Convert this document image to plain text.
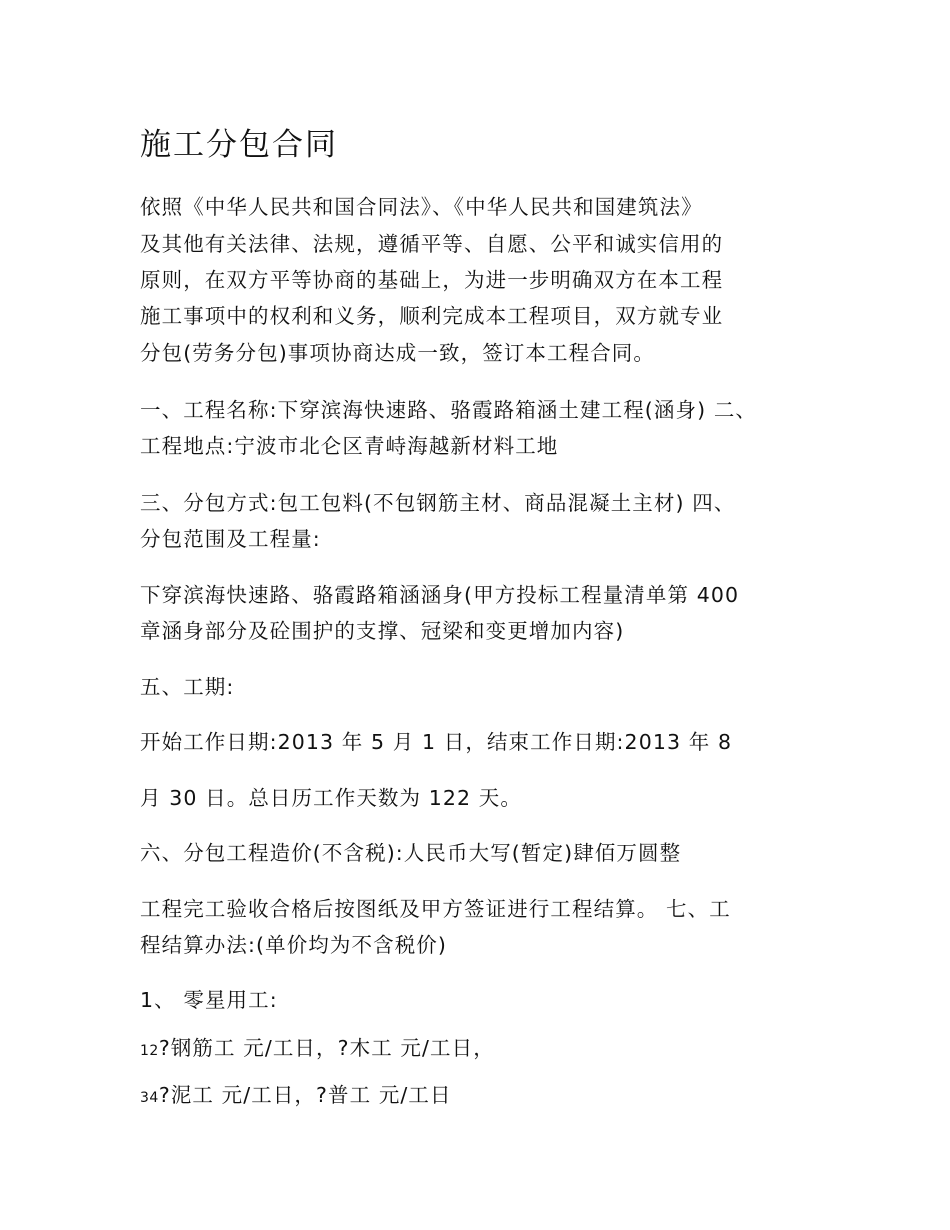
施工分包合同

依照《中华人民共和国合同法》、《中华人民共和国建筑法》

及其他有关法律、法规，遵循平等、自愿、公平和诚实信用的

原则，在双方平等协商的基础上，为进一步明确双方在本工程

施工事项中的权利和义务，顺利完成本工程项目，双方就专业

分包(劳务分包)事项协商达成一致，签订本工程合同。

一、工程名称:下穿滨海快速路、骆霞路箱涵土建工程(涵身) 二、

工程地点:宁波市北仑区青峙海越新材料工地

三、分包方式:包工包料(不包钢筋主材、商品混凝土主材) 四、

分包范围及工程量:

下穿滨海快速路、骆霞路箱涵涵身(甲方投标工程量清单第 400

章涵身部分及砼围护的支撑、冠梁和变更增加内容)

五、工期:

开始工作日期:2013 年 5 月 1 日，结束工作日期:2013 年 8

月 30 日。总日历工作天数为 122 天。

六、分包工程造价(不含税):人民币大写(暂定)肆佰万圆整

工程完工验收合格后按图纸及甲方签证进行工程结算。 七、工

程结算办法:(单价均为不含税价)

1、 零星用工:

12?钢筋工 元/工日，?木工 元/工日，

34?泥工 元/工日，?普工 元/工日
